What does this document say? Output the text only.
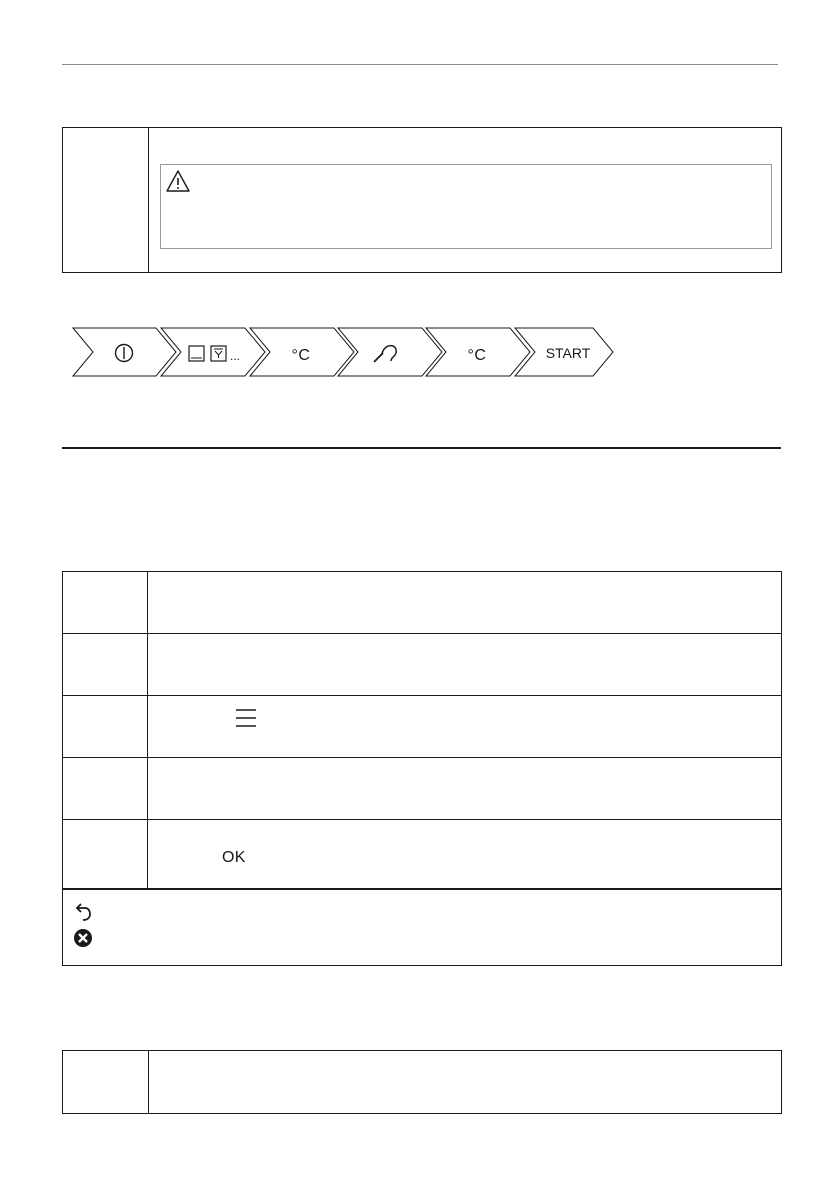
...	°C	°C	START
OK
